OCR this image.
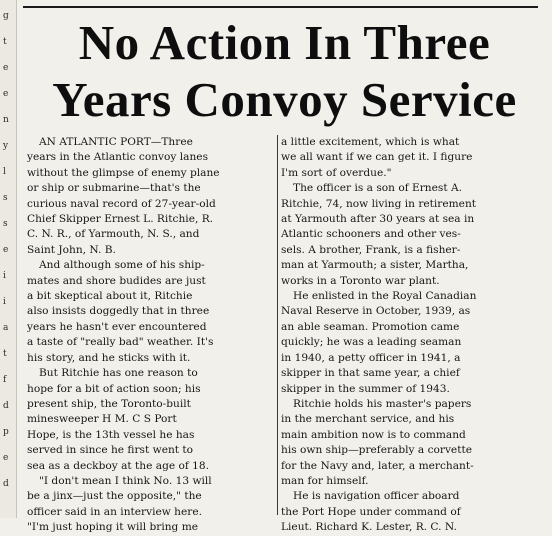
g
t
e
e
n
y
l
s
s
e
i
i
a
t
f
d
p
e
d
No Action In Three
Years Convoy Service
AN ATLANTIC PORT—Three
years in the Atlantic convoy lanes
without the glimpse of enemy plane
or ship or submarine—that's the
curious naval record of 27-year-old
Chief Skipper Ernest L. Ritchie, R.
C. N. R., of Yarmouth, N. S., and
Saint John, N. B.
And although some of his ship-
mates and shore budides are just
a bit skeptical about it, Ritchie
also insists doggedly that in three
years he hasn't ever encountered
a taste of "really bad" weather. It's
his story, and he sticks with it.
But Ritchie has one reason to
hope for a bit of action soon; his
present ship, the Toronto-built
minesweeper H M. C S Port
Hope, is the 13th vessel he has
served in since he first went to
sea as a deckboy at the age of 18.
"I don't mean I think No. 13 will
be a jinx—just the opposite," the
officer said in an interview here.
"I'm just hoping it will bring me
a little excitement, which is what
we all want if we can get it. I figure
I'm sort of overdue."
The officer is a son of Ernest A.
Ritchie, 74, now living in retirement
at Yarmouth after 30 years at sea in
Atlantic schooners and other ves-
sels. A brother, Frank, is a fisher-
man at Yarmouth; a sister, Martha,
works in a Toronto war plant.
He enlisted in the Royal Canadian
Naval Reserve in October, 1939, as
an able seaman. Promotion came
quickly; he was a leading seaman
in 1940, a petty officer in 1941, a
skipper in that same year, a chief
skipper in the summer of 1943.
Ritchie holds his master's papers
in the merchant service, and his
main ambition now is to command
his own ship—preferably a corvette
for the Navy and, later, a merchant-
man for himself.
He is navigation officer aboard
the Port Hope under command of
Lieut. Richard K. Lester, R. C. N.
